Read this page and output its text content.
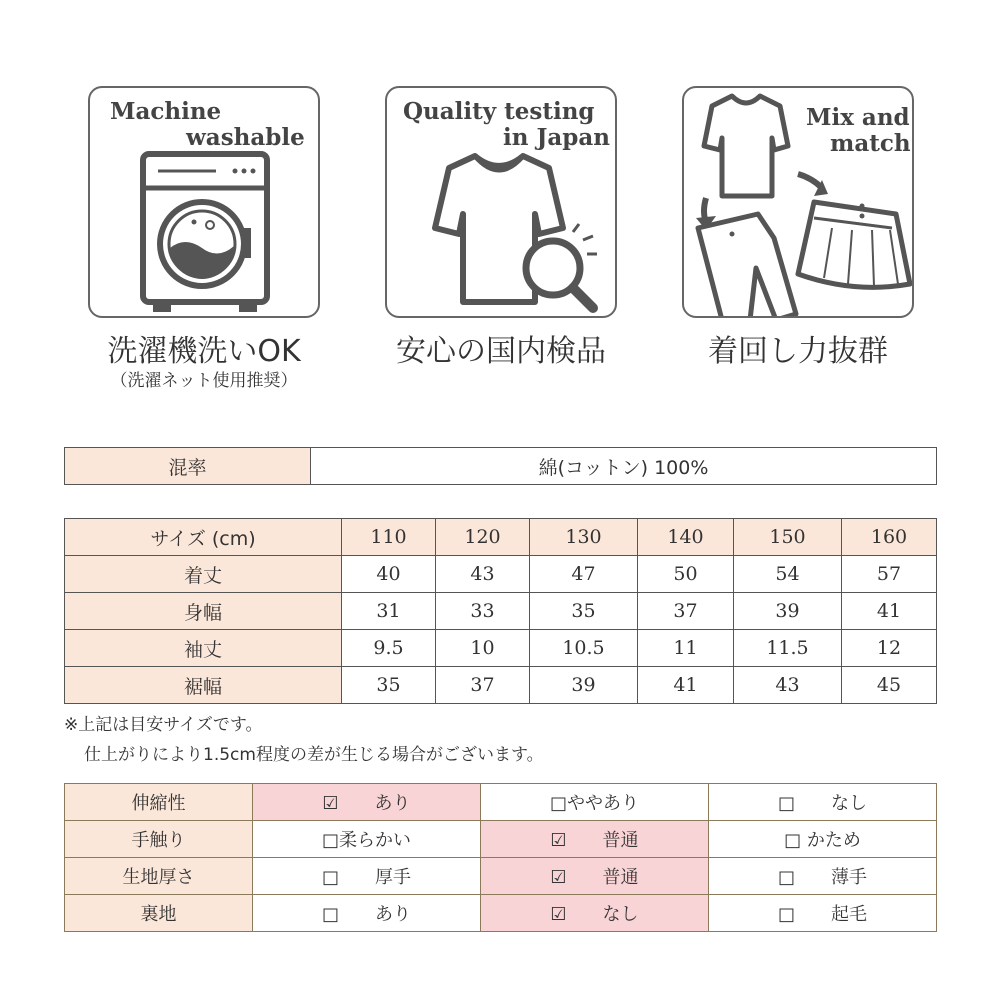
Machine
washable
Quality testing
in Japan
Mix and
match
洗濯機洗いOK
（洗濯ネット使用推奨）
安心の国内検品	着回し力抜群
混率	綿(コットン) 100%
サイズ (cm)	110	120	130	140	150	160
着丈	40	43	47	50	54	57
身幅	31	33	35	37	39	41
袖丈	9.5	10	10.5	11	11.5	12
裾幅	35	37	39	41	43	45
※上記は目安サイズです。
仕上がりにより1.5cm程度の差が生じる場合がございます。
伸縮性	☑　　あり	□ややあり	□　　なし
手触り	□柔らかい	☑　　普通	□ かため
生地厚さ	□　　厚手	☑　　普通	□　　薄手
裏地	□　　あり	☑　　なし	□　　起毛
